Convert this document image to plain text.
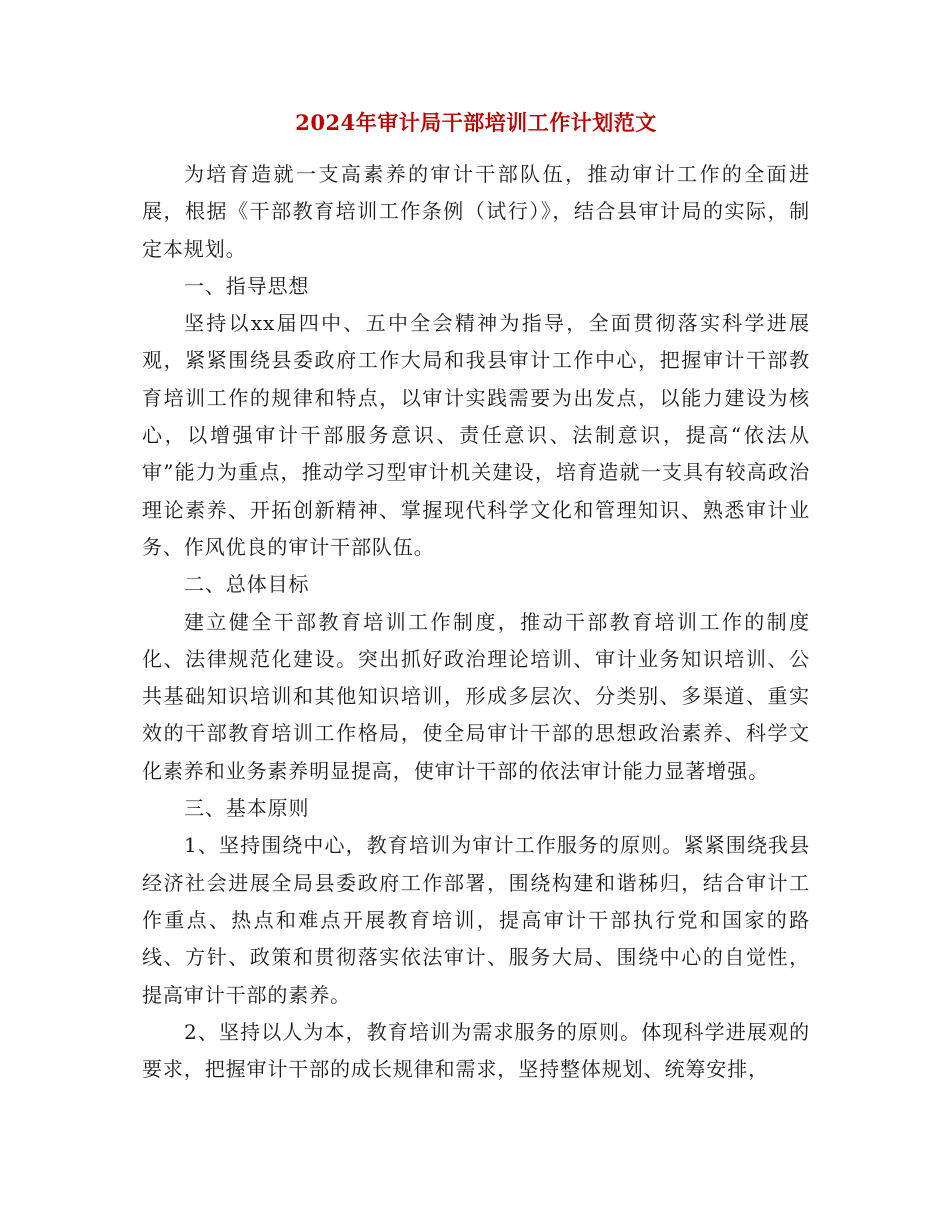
2024年审计局干部培训工作计划范文

为培育造就一支高素养的审计干部队伍，推动审计工作的全面进展，根据《干部教育培训工作条例（试行）》，结合县审计局的实际，制定本规划。

一、指导思想

坚持以xx届四中、五中全会精神为指导，全面贯彻落实科学进展观，紧紧围绕县委政府工作大局和我县审计工作中心，把握审计干部教育培训工作的规律和特点，以审计实践需要为出发点，以能力建设为核心，以增强审计干部服务意识、责任意识、法制意识，提高“依法从审”能力为重点，推动学习型审计机关建设，培育造就一支具有较高政治理论素养、开拓创新精神、掌握现代科学文化和管理知识、熟悉审计业务、作风优良的审计干部队伍。

二、总体目标

建立健全干部教育培训工作制度，推动干部教育培训工作的制度化、法律规范化建设。突出抓好政治理论培训、审计业务知识培训、公共基础知识培训和其他知识培训，形成多层次、分类别、多渠道、重实效的干部教育培训工作格局，使全局审计干部的思想政治素养、科学文化素养和业务素养明显提高，使审计干部的依法审计能力显著增强。

三、基本原则

1、坚持围绕中心，教育培训为审计工作服务的原则。紧紧围绕我县经济社会进展全局县委政府工作部署，围绕构建和谐秭归，结合审计工作重点、热点和难点开展教育培训，提高审计干部执行党和国家的路线、方针、政策和贯彻落实依法审计、服务大局、围绕中心的自觉性，提高审计干部的素养。

2、坚持以人为本，教育培训为需求服务的原则。体现科学进展观的要求，把握审计干部的成长规律和需求，坚持整体规划、统筹安排，
